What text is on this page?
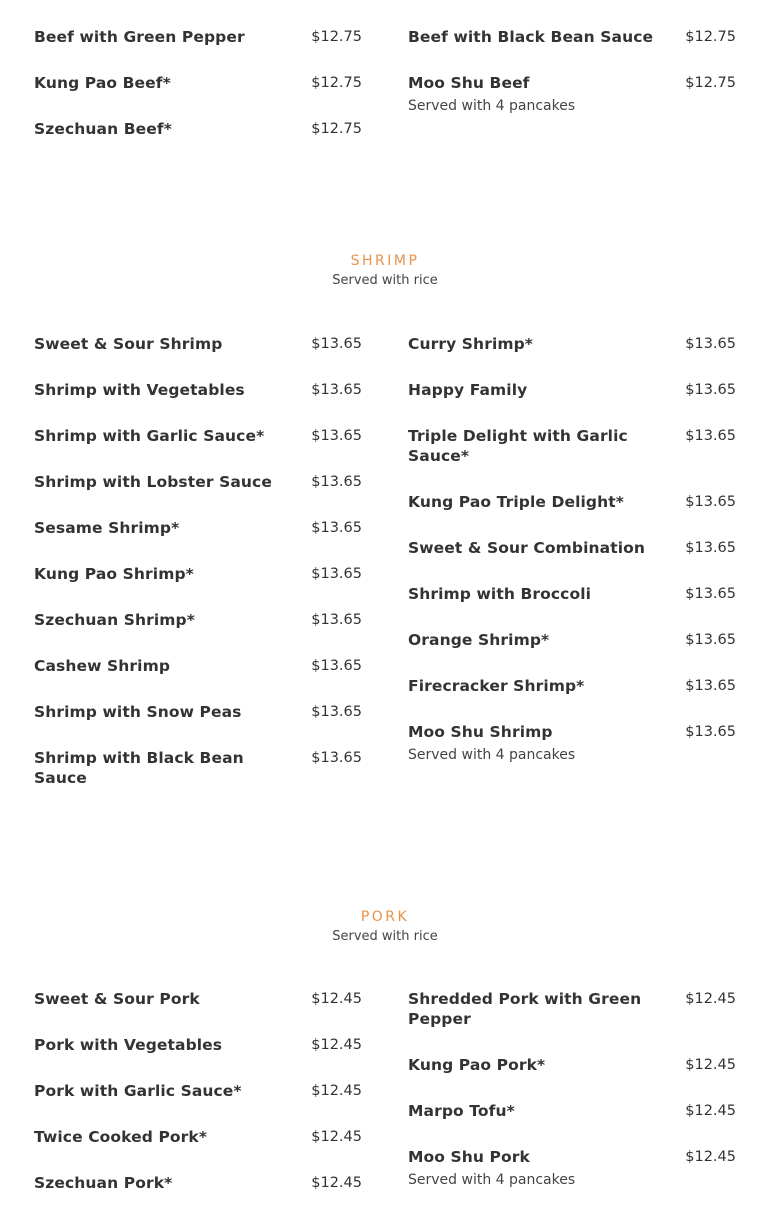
Beef with Green Pepper	$12.75
Kung Pao Beef*	$12.75
Szechuan Beef*	$12.75
Beef with Black Bean Sauce $12.75
Moo Shu Beef
Served with 4 pancakes
$12.75
SHRIMP
Served with rice
Sweet & Sour Shrimp	$13.65
Shrimp with Vegetables	$13.65
Shrimp with Garlic Sauce*	$13.65
Shrimp with Lobster Sauce	$13.65
Sesame Shrimp*	$13.65
Kung Pao Shrimp*	$13.65
Szechuan Shrimp*	$13.65
Cashew Shrimp	$13.65
Shrimp with Snow Peas	$13.65
Shrimp with Black Bean Sauce
$13.65
Curry Shrimp*	$13.65
Happy Family	$13.65
Triple Delight with Garlic Sauce*
$13.65
Kung Pao Triple Delight*	$13.65
Sweet & Sour Combination	$13.65
Shrimp with Broccoli	$13.65
Orange Shrimp*	$13.65
Firecracker Shrimp*	$13.65
Moo Shu Shrimp
Served with 4 pancakes
$13.65
PORK
Served with rice
Sweet & Sour Pork	$12.45
Pork with Vegetables	$12.45
Pork with Garlic Sauce*	$12.45
Twice Cooked Pork*	$12.45
Szechuan Pork*	$12.45
Shredded Pork with Green Pepper
$12.45
Kung Pao Pork*	$12.45
Marpo Tofu*	$12.45
Moo Shu Pork
Served with 4 pancakes
$12.45
